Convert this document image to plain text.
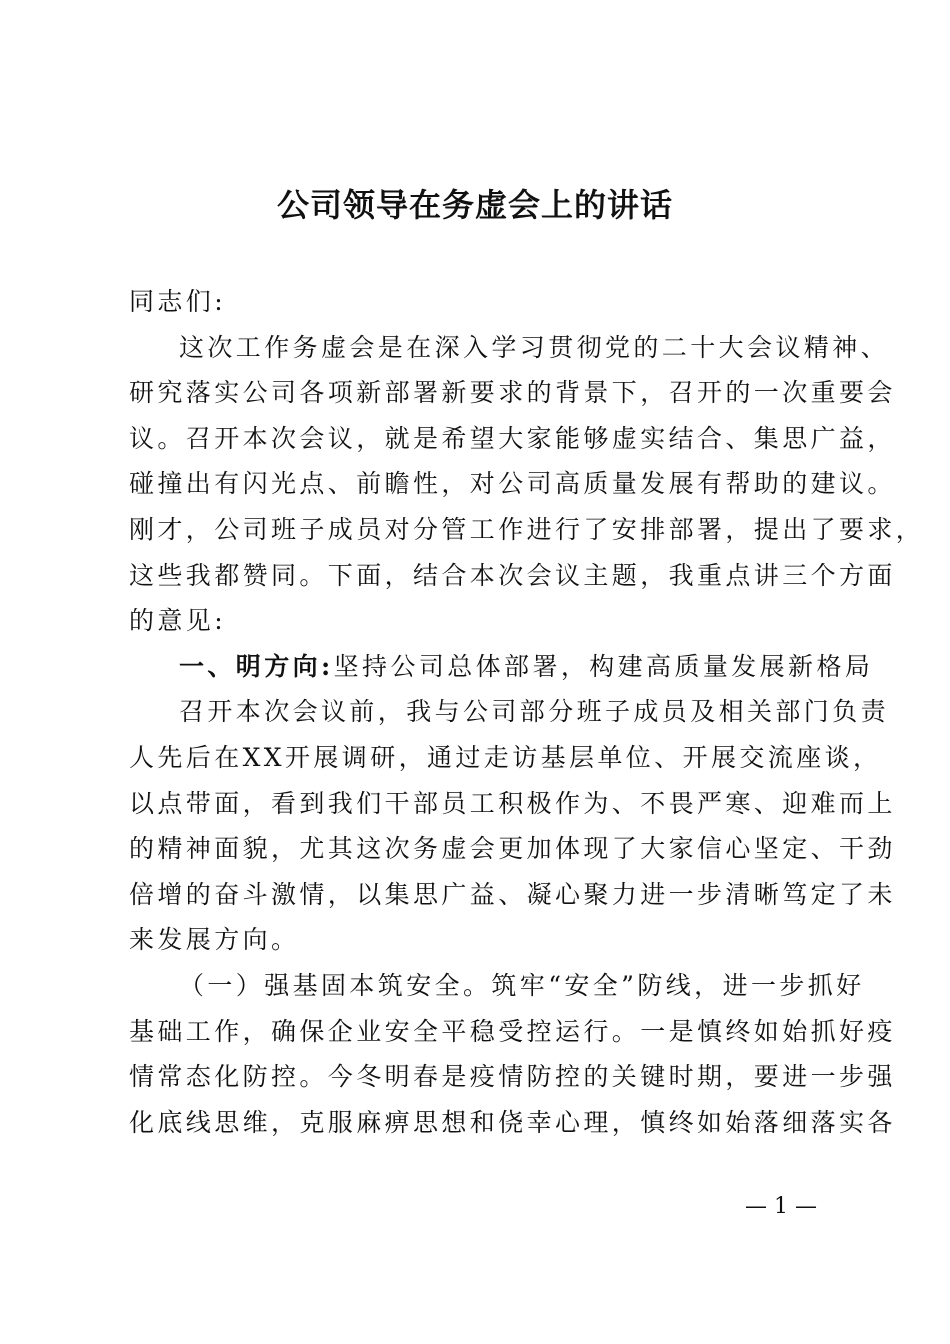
公司领导在务虚会上的讲话
同志们:
这次工作务虚会是在深入学习贯彻党的二十大会议精神、
研究落实公司各项新部署新要求的背景下，召开的一次重要会
议。召开本次会议，就是希望大家能够虚实结合、集思广益，
碰撞出有闪光点、前瞻性，对公司高质量发展有帮助的建议。
刚才，公司班子成员对分管工作进行了安排部署，提出了要求，
这些我都赞同。下面，结合本次会议主题，我重点讲三个方面
的意见:
一、明方向:坚持公司总体部署，构建高质量发展新格局
召开本次会议前，我与公司部分班子成员及相关部门负责
人先后在XX开展调研，通过走访基层单位、开展交流座谈，
以点带面，看到我们干部员工积极作为、不畏严寒、迎难而上
的精神面貌，尤其这次务虚会更加体现了大家信心坚定、干劲
倍增的奋斗激情，以集思广益、凝心聚力进一步清晰笃定了未
来发展方向。
（一）强基固本筑安全。筑牢“安全”防线，进一步抓好
基础工作，确保企业安全平稳受控运行。一是慎终如始抓好疫
情常态化防控。今冬明春是疫情防控的关键时期，要进一步强
化底线思维，克服麻痹思想和侥幸心理，慎终如始落细落实各
— 1 —
